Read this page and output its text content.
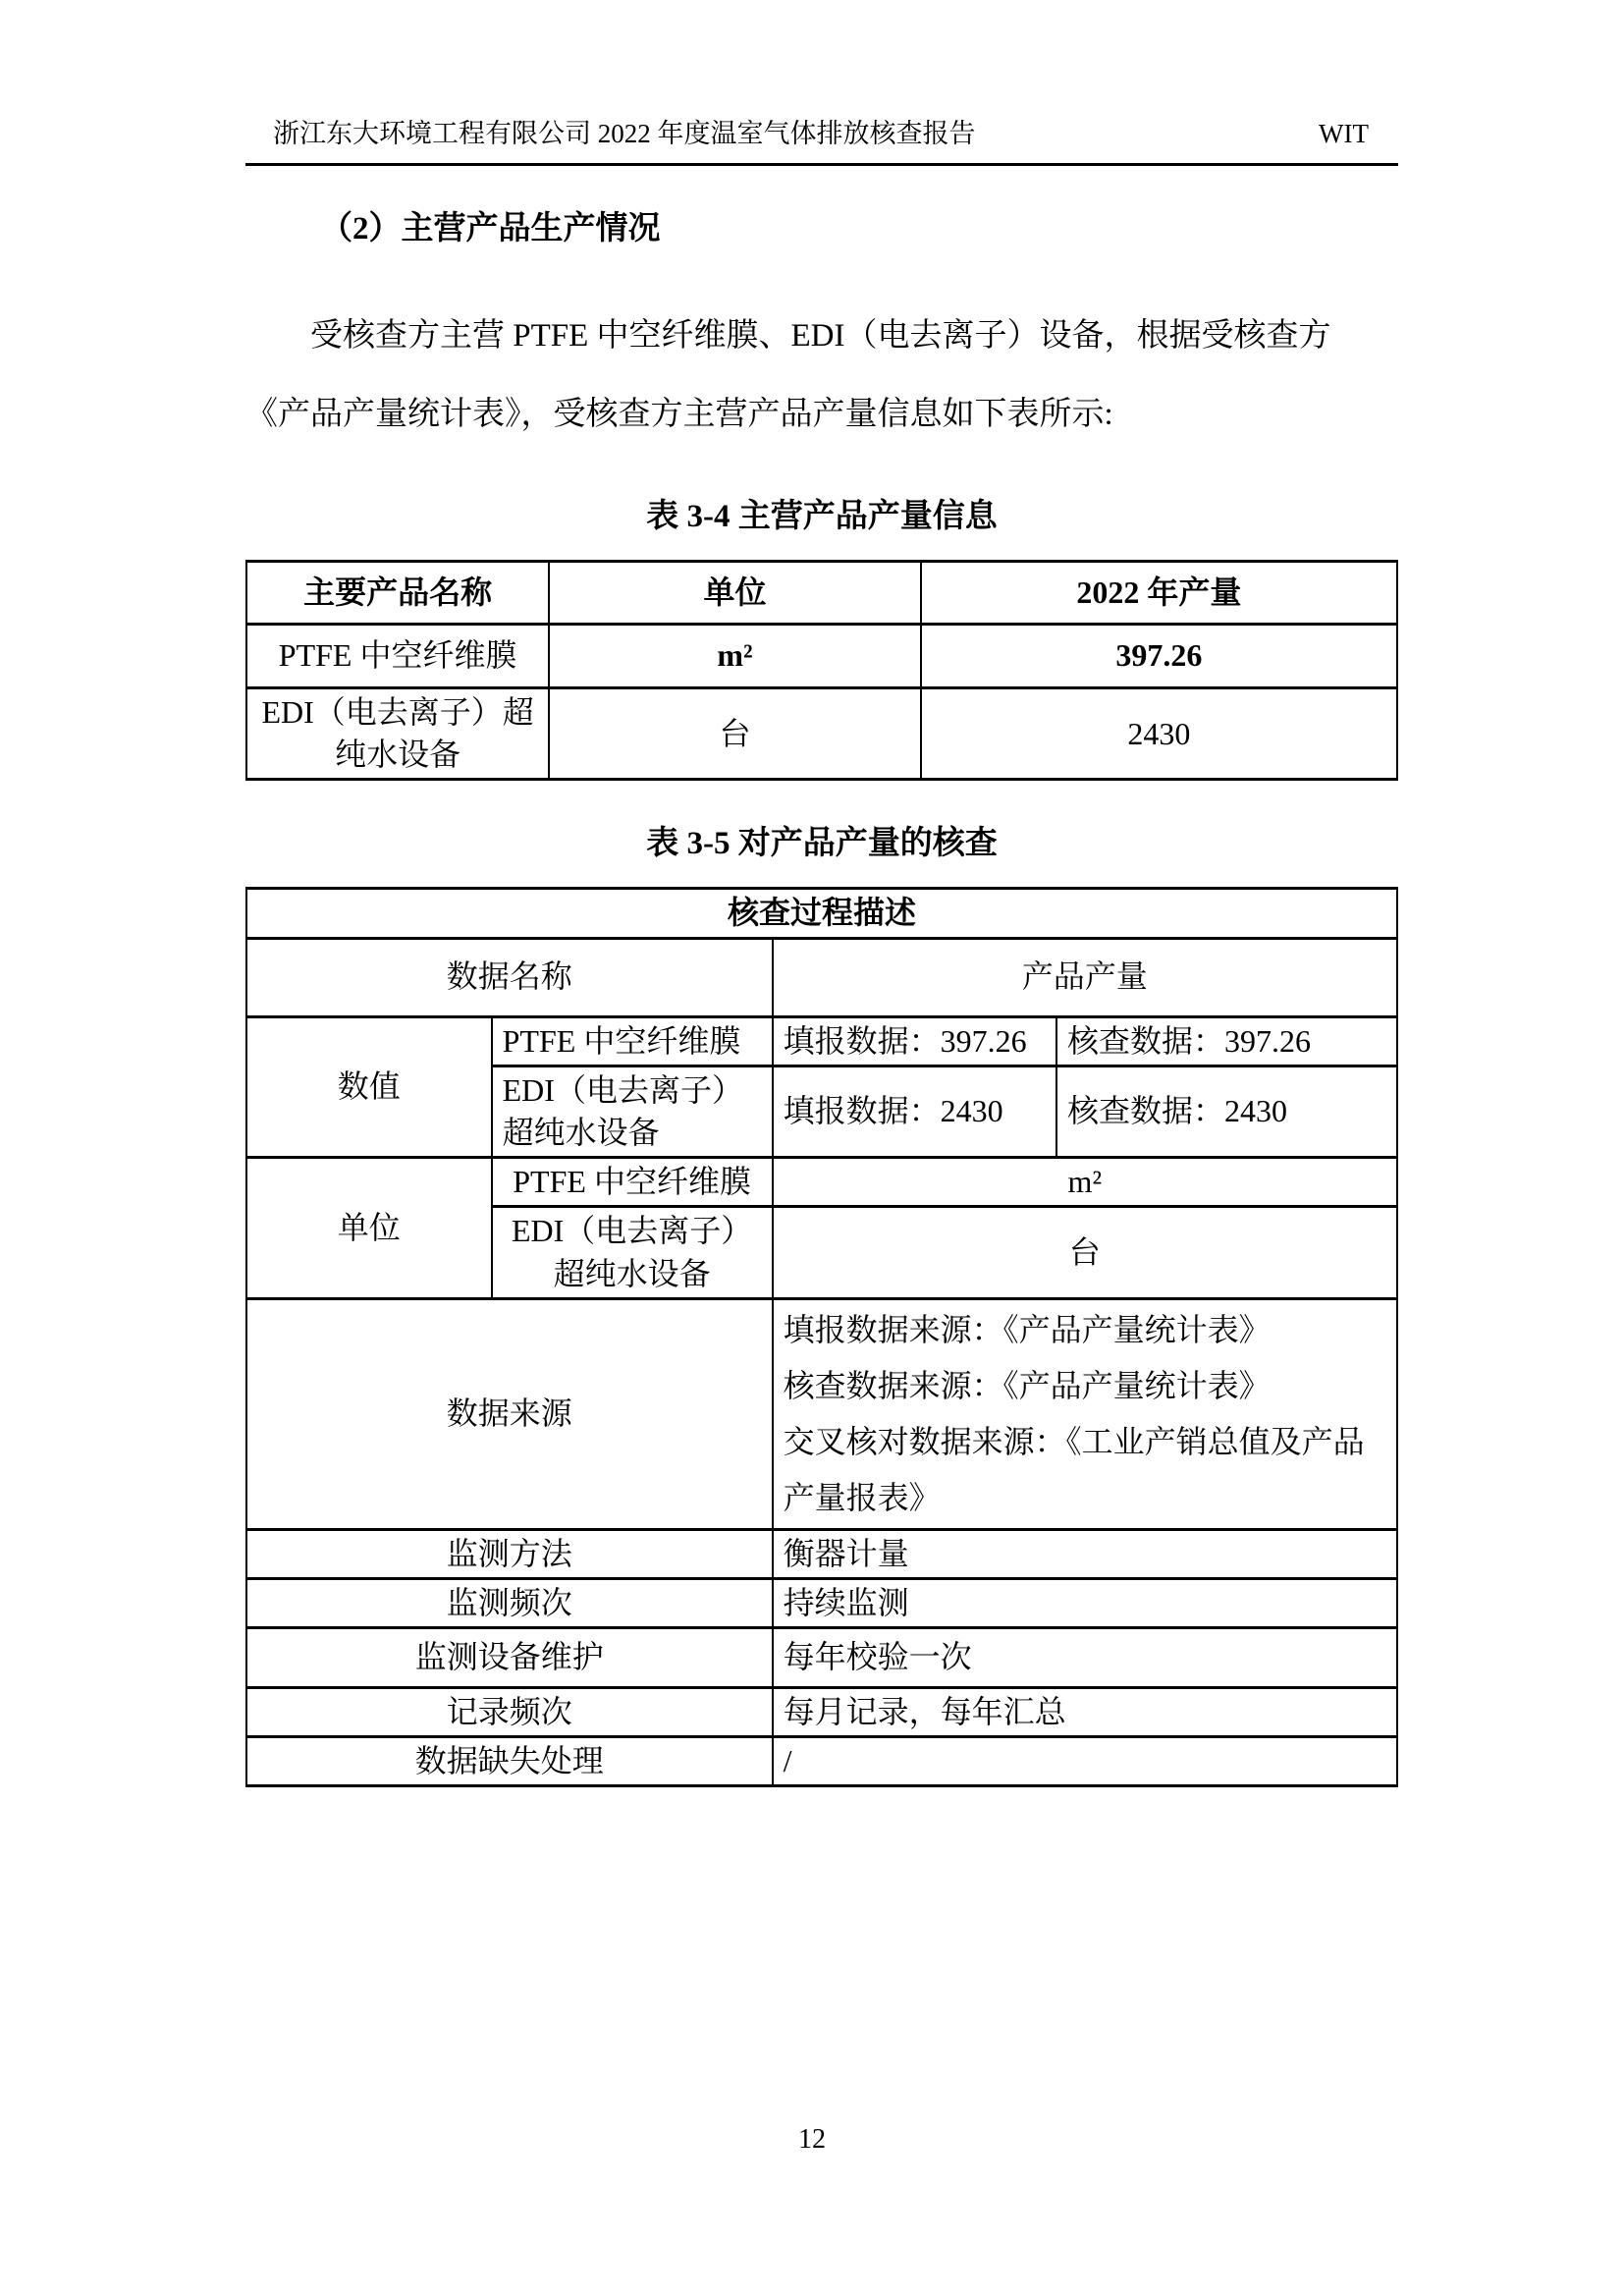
浙江东大环境工程有限公司 2022 年度温室气体排放核查报告	WIT
（2）主营产品生产情况
受核查方主营 PTFE 中空纤维膜、EDI（电去离子）设备，根据受核查方
《产品产量统计表》，受核查方主营产品产量信息如下表所示:
表 3-4 主营产品产量信息
主要产品名称	单位	2022 年产量
PTFE 中空纤维膜	m²	397.26
EDI（电去离子）超纯水设备	台	2430
表 3-5 对产品产量的核查
核查过程描述			
数据名称		产品产量	
数值	PTFE 中空纤维膜	填报数据：397.26	核查数据：397.26
	EDI（电去离子）超纯水设备	填报数据：2430	核查数据：2430
单位	PTFE 中空纤维膜	m²	
	EDI（电去离子）超纯水设备	台	
数据来源		填报数据来源：《产品产量统计表》
核查数据来源：《产品产量统计表》
交叉核对数据来源：《工业产销总值及产品产量报表》	

监测方法		衡器计量	
监测频次		持续监测	
监测设备维护		每年校验一次	
记录频次		每月记录，每年汇总	
数据缺失处理		/	
12
